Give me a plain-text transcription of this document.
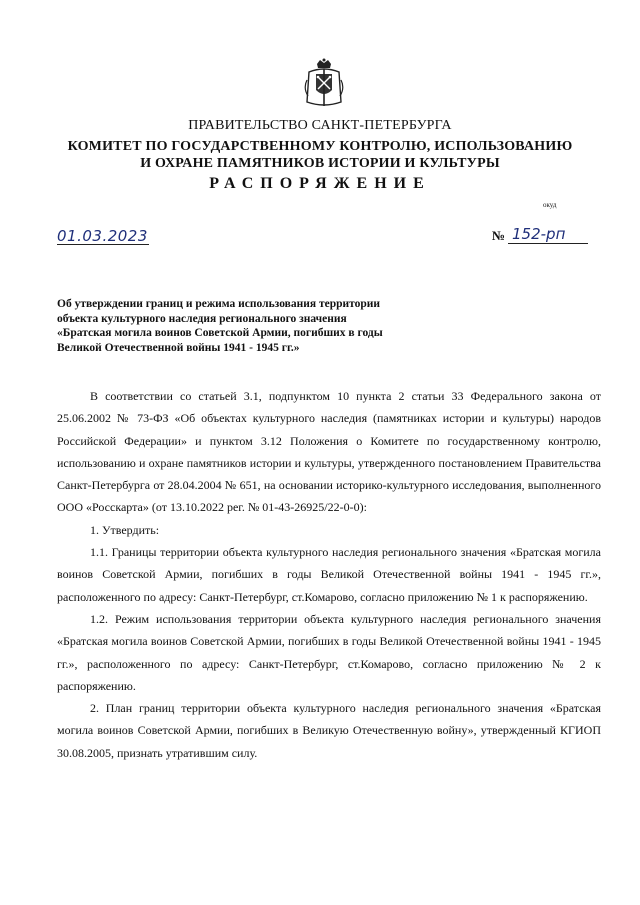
ПРАВИТЕЛЬСТВО САНКТ-ПЕТЕРБУРГА
КОМИТЕТ ПО ГОСУДАРСТВЕННОМУ КОНТРОЛЮ, ИСПОЛЬЗОВАНИЮ
И ОХРАНЕ ПАМЯТНИКОВ ИСТОРИИ И КУЛЬТУРЫ
РАСПОРЯЖЕНИЕ
окуд
01.03.2023	№ 152-рп
Об утверждении границ и режима использования территории
объекта культурного наследия регионального значения
«Братская могила воинов Советской Армии, погибших в годы
Великой Отечественной войны 1941 - 1945 гг.»

В соответствии со статьей 3.1, подпунктом 10 пункта 2 статьи 33 Федерального закона от 25.06.2002 № 73-ФЗ «Об объектах культурного наследия (памятниках истории и культуры) народов Российской Федерации» и пунктом 3.12 Положения о Комитете по государственному контролю, использованию и охране памятников истории и культуры, утвержденного постановлением Правительства Санкт-Петербурга от 28.04.2004 № 651, на основании историко-культурного исследования, выполненного ООО «Росскарта» (от 13.10.2022 рег. № 01-43-26925/22-0-0):

1. Утвердить:

1.1. Границы территории объекта культурного наследия регионального значения «Братская могила воинов Советской Армии, погибших в годы Великой Отечественной войны 1941 - 1945 гг.», расположенного по адресу: Санкт-Петербург, ст.Комарово, согласно приложению № 1 к распоряжению.

1.2. Режим использования территории объекта культурного наследия регионального значения «Братская могила воинов Советской Армии, погибших в годы Великой Отечественной войны 1941 - 1945 гг.», расположенного по адресу: Санкт-Петербург, ст.Комарово, согласно приложению № 2 к распоряжению.

2. План границ территории объекта культурного наследия регионального значения «Братская могила воинов Советской Армии, погибших в Великую Отечественную войну», утвержденный КГИОП 30.08.2005, признать утратившим силу.
